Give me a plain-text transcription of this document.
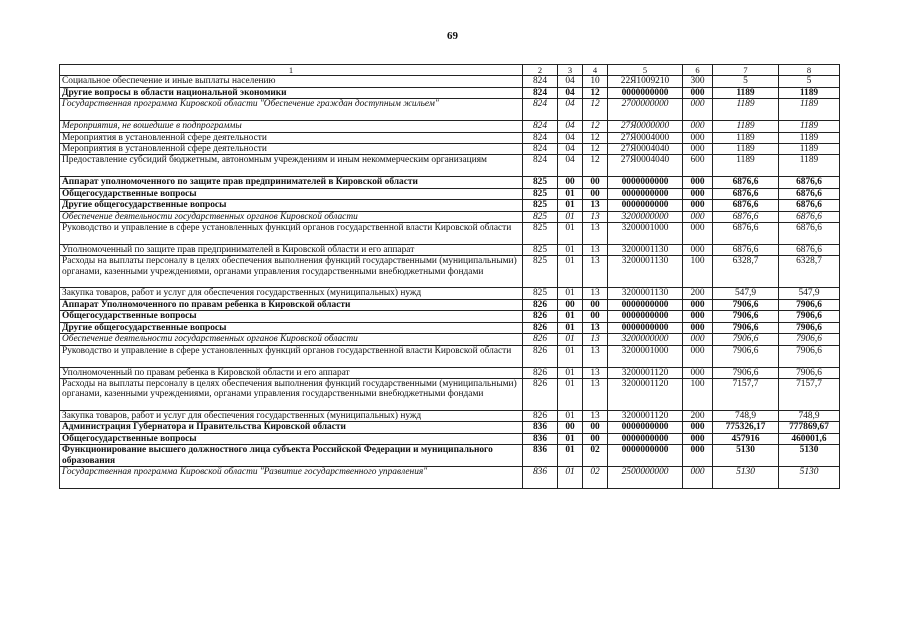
69
1	2	3	4	5	6	7	8
Социальное обеспечение и иные выплаты населению	824	04	10	22Я1009210	300	5	5
Другие вопросы в области национальной экономики	824	04	12	0000000000	000	1189	1189
Государственная программа Кировской области "Обеспечение граждан доступным жильем"	824	04	12	2700000000	000	1189	1189
Мероприятия, не вошедшие в подпрограммы	824	04	12	27Я0000000	000	1189	1189
Мероприятия в установленной сфере деятельности	824	04	12	27Я0004000	000	1189	1189
Мероприятия в установленной сфере деятельности	824	04	12	27Я0004040	000	1189	1189
Предоставление субсидий бюджетным, автономным учреждениям и иным некоммерческим организациям	824	04	12	27Я0004040	600	1189	1189
Аппарат уполномоченного по защите прав предпринимателей в Кировской области	825	00	00	0000000000	000	6876,6	6876,6
Общегосударственные вопросы	825	01	00	0000000000	000	6876,6	6876,6
Другие общегосударственные вопросы	825	01	13	0000000000	000	6876,6	6876,6
Обеспечение деятельности государственных органов Кировской области	825	01	13	3200000000	000	6876,6	6876,6
Руководство и управление в сфере установленных функций органов государственной власти Кировской области	825	01	13	3200001000	000	6876,6	6876,6
Уполномоченный по защите прав предпринимателей в Кировской области и его аппарат	825	01	13	3200001130	000	6876,6	6876,6
Расходы на выплаты персоналу в целях обеспечения выполнения функций государственными (муниципальными) органами, казенными учреждениями, органами управления государственными внебюджетными фондами	825	01	13	3200001130	100	6328,7	6328,7
Закупка товаров, работ и услуг для обеспечения государственных (муниципальных) нужд	825	01	13	3200001130	200	547,9	547,9
Аппарат Уполномоченного по правам ребенка в Кировской области	826	00	00	0000000000	000	7906,6	7906,6
Общегосударственные вопросы	826	01	00	0000000000	000	7906,6	7906,6
Другие общегосударственные вопросы	826	01	13	0000000000	000	7906,6	7906,6
Обеспечение деятельности государственных органов Кировской области	826	01	13	3200000000	000	7906,6	7906,6
Руководство и управление в сфере установленных функций органов государственной власти Кировской области	826	01	13	3200001000	000	7906,6	7906,6
Уполномоченный по правам ребенка в Кировской области и его аппарат	826	01	13	3200001120	000	7906,6	7906,6
Расходы на выплаты персоналу в целях обеспечения выполнения функций государственными (муниципальными) органами, казенными учреждениями, органами управления государственными внебюджетными фондами	826	01	13	3200001120	100	7157,7	7157,7
Закупка товаров, работ и услуг для обеспечения государственных (муниципальных) нужд	826	01	13	3200001120	200	748,9	748,9
Администрация Губернатора и Правительства Кировской области	836	00	00	0000000000	000	775326,17	777869,67
Общегосударственные вопросы	836	01	00	0000000000	000	457916	460001,6
Функционирование высшего должностного лица субъекта Российской Федерации и муниципального образования	836	01	02	0000000000	000	5130	5130
Государственная программа Кировской области "Развитие государственного управления"	836	01	02	2500000000	000	5130	5130
